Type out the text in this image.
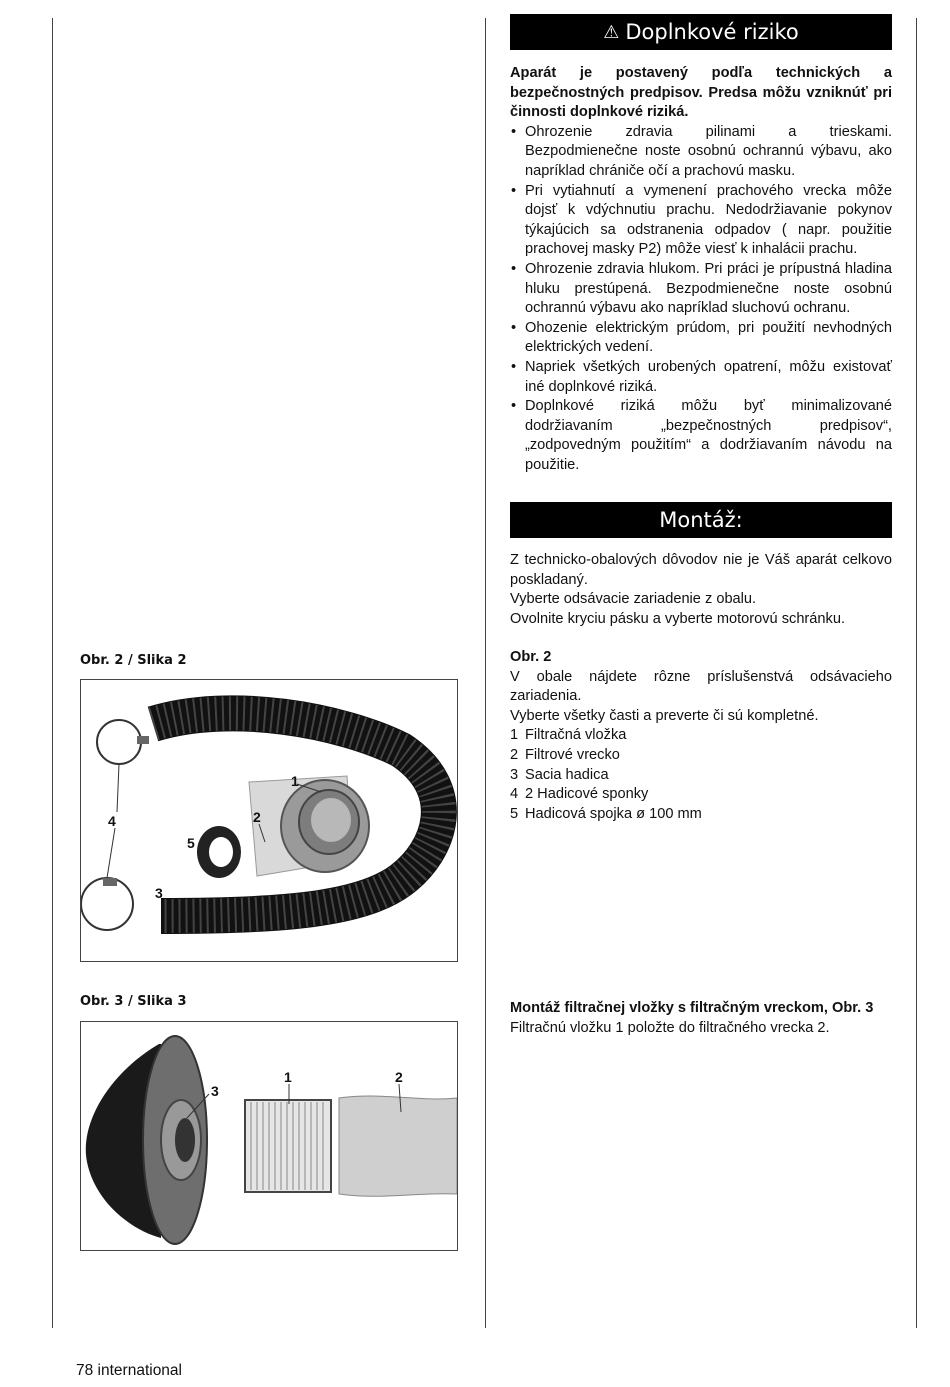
⚠ Doplnkové riziko

Aparát je postavený podľa technických a bezpečnostných predpisov. Predsa môžu vzniknúť pri činnosti doplnkové riziká.

• Ohrozenie zdravia pilinami a trieskami. Bezpodmienečne noste osobnú ochrannú výbavu, ako napríklad chrániče očí a prachovú masku.
• Pri vytiahnutí a vymenení prachového vrecka môže dojsť k vdýchnutiu prachu. Nedodržiavanie pokynov týkajúcich sa odstranenia odpadov ( napr. použitie prachovej masky P2) môže viesť k inhalácii prachu.
• Ohrozenie zdravia hlukom. Pri práci je prípustná hladina hluku prestúpená. Bezpodmienečne noste osobnú ochrannú výbavu ako napríklad sluchovú ochranu.
• Ohozenie elektrickým prúdom, pri použití nevhodných elektrických vedení.
• Napriek všetkých urobených opatrení, môžu existovať iné doplnkové riziká.
• Doplnkové riziká môžu byť minimalizované dodržiavaním „bezpečnostných predpisov“, „zodpovedným použitím“ a dodržiavaním návodu na použitie.
Montáž:

Z technicko-obalových dôvodov nie je Váš aparát celkovo poskladaný.

Vyberte odsávacie zariadenie z obalu.

Ovolnite kryciu pásku a vyberte motorovú schránku.

Obr. 2

V obale nájdete rôzne príslušenstvá odsávacieho zariadenia.

Vyberte všetky časti a preverte či sú kompletné.

1 Filtračná vložka
2 Filtrové vrecko
3 Sacia hadica
4 2 Hadicové sponky
5 Hadicová spojka ø 100 mm

Montáž filtračnej vložky s filtračným vreckom, Obr. 3

Filtračnú vložku 1 položte do filtračného vrecka 2.

Obr. 2 / Slika 2
1
2
3
4
5
Obr. 3 / Slika 3
1	2
3
78 international
